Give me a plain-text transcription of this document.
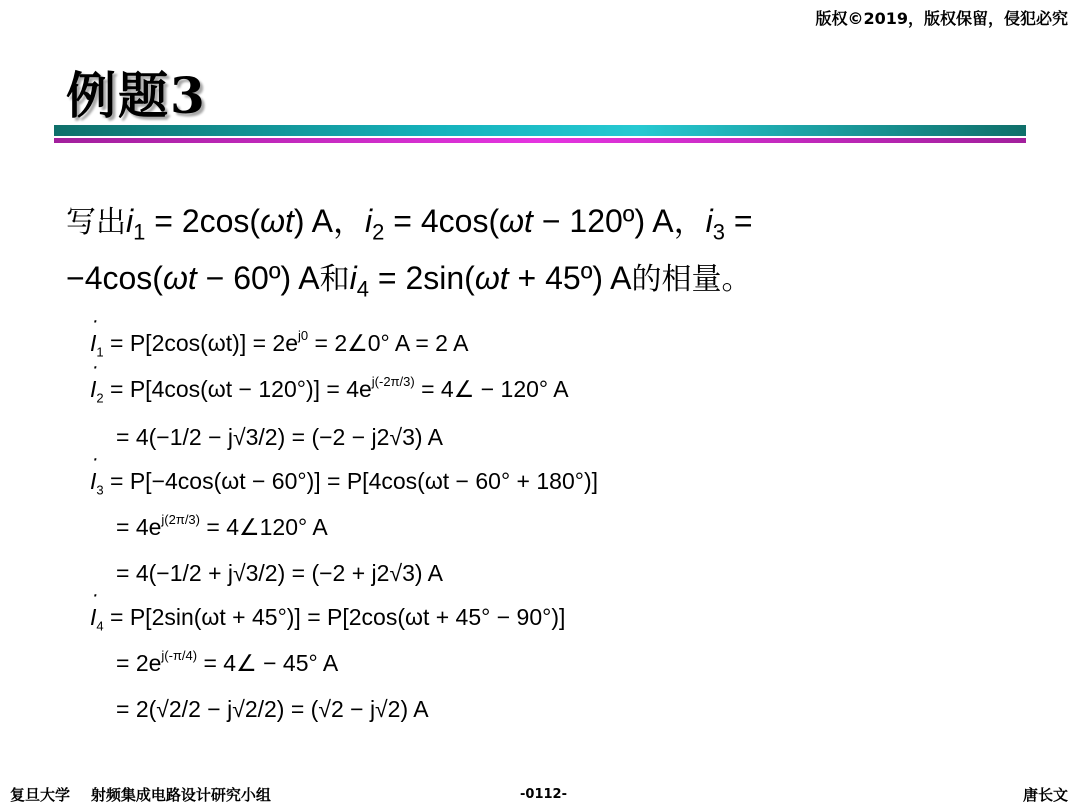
版权©2019，版权保留，侵犯必究
例题3
写出$i_1 = 2\cos(\omega t)$ A，$i_2 = 4\cos(\omega t$ − 120º) A，$i_3$ =
−4cos(ωt − 60º) A和$i_4 = 2\sin(\omega t$ + 45º) A的相量。
· $I_1 = P[2\cos(\omega t)] = 2e^{j0}$ = 2∠0° A = 2 A
· $I_2 = P[4\cos(\omega t - 120^\circ)] = 4e^{j(-2\pi/3)}$ = 4∠ − 120° A
= 4(−1/2 − j√3/2) = (−2 − j2√3) A
· $I_3 = P[-4\cos(\omega t - 60^\circ)] = P[4\cos(\omega t - 60^\circ + 180^\circ)]$
= $4e^{j(2\pi/3)}$ = 4∠120° A
= 4(−1/2 + j√3/2) = (−2 + j2√3) A
· $I_4 = P[2\sin(\omega t + 45^\circ)] = P[2\cos(\omega t + 45^\circ - 90^\circ)]$
= $2e^{j(-\pi/4)}$ = 4∠ − 45° A
= 2(√2/2 − j√2/2) = (√2 − j√2) A
复旦大学 射频集成电路设计研究小组	-0112-	唐长文
